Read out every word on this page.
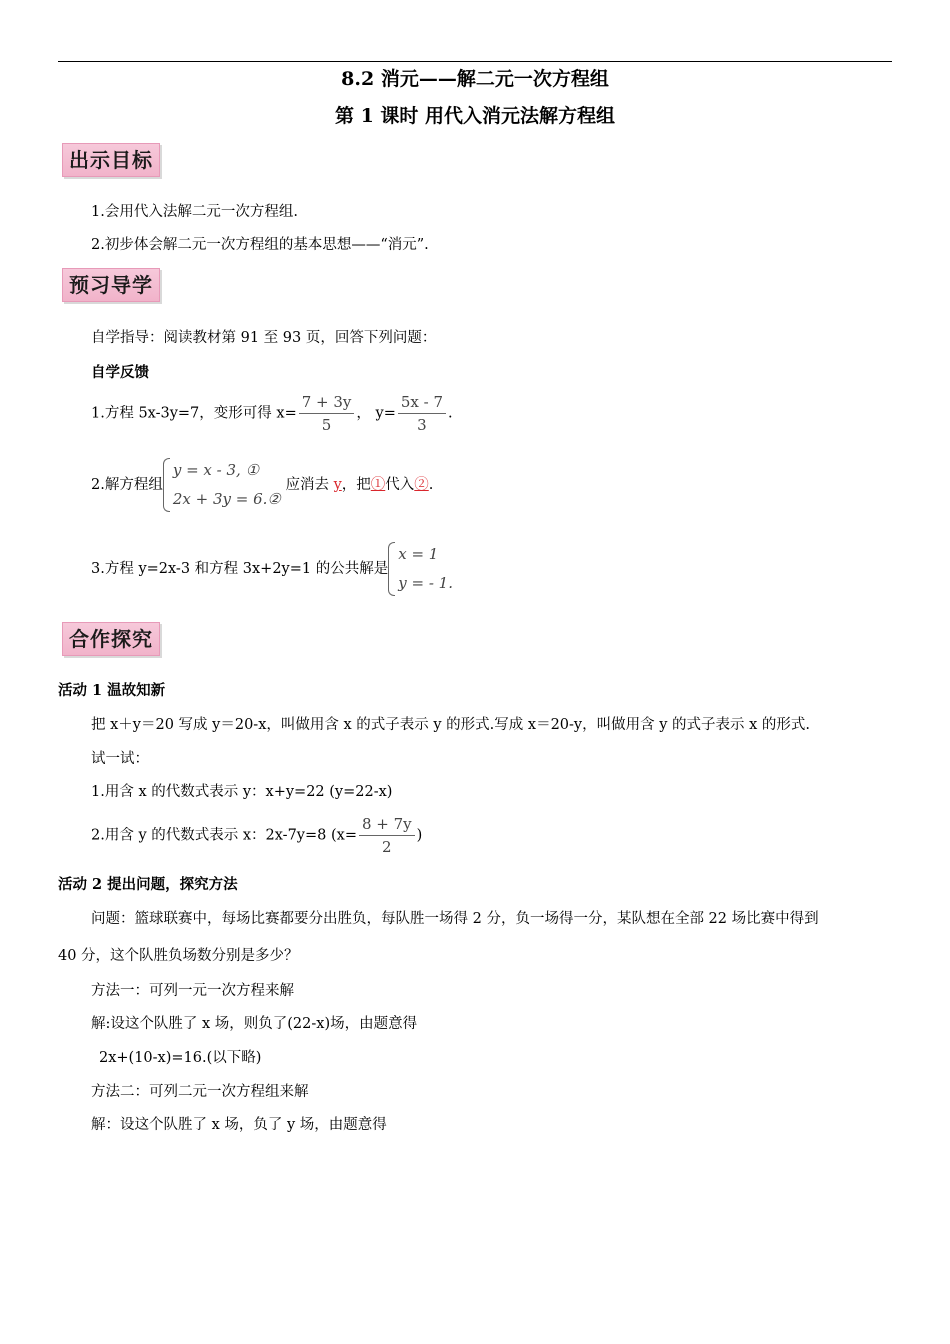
8.2 消元——解二元一次方程组
第 1 课时 用代入消元法解方程组
出示目标
1.会用代入法解二元一次方程组.
2.初步体会解二元一次方程组的基本思想——“消元”.
预习导学
自学指导：阅读教材第 91 至 93 页，回答下列问题：
自学反馈
1.方程 5x-3y=7，变形可得 $x= \frac{7 + 3y}{5}$ ， $y= \frac{5x - 7}{3}$ .
2.解方程组
y = x - 3, ①
2x + 3y = 6.②
应消去 y，把①代入②.
3.方程 y=2x-3 和方程 3x+2y=1 的公共解是
x = 1
y = - 1.
合作探究
活动 1 温故知新
把 x＋y＝20 写成 y＝20-x，叫做用含 x 的式子表示 y 的形式.写成 x＝20-y，叫做用含 y 的式子表示 x 的形式.
试一试：
1.用含 x 的代数式表示 y：x+y=22 (y=22-x)
2.用含 y 的代数式表示 x：2x-7y=8 ($x= \frac{8 + 7y}{2}$ )
活动 2 提出问题，探究方法
问题：篮球联赛中，每场比赛都要分出胜负，每队胜一场得 2 分，负一场得一分，某队想在全部 22 场比赛中得到
40 分，这个队胜负场数分别是多少？
方法一：可列一元一次方程来解
解:设这个队胜了 x 场，则负了(22-x)场，由题意得
2x+(10-x)=16.(以下略)
方法二：可列二元一次方程组来解
解：设这个队胜了 x 场，负了 y 场，由题意得
